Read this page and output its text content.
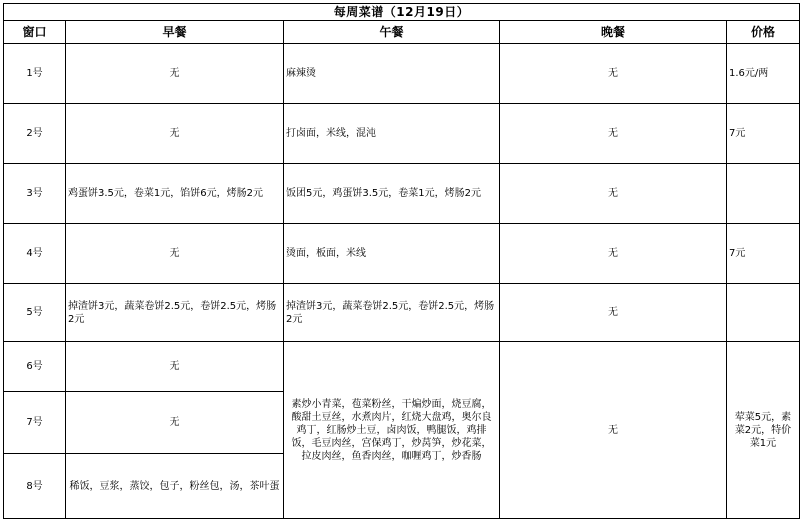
每周菜谱（12月19日）				
窗口	早餐	午餐	晚餐	价格
1号	无	麻辣烫	无	1.6元/两
2号	无	打卤面，米线，混沌	无	7元
3号	鸡蛋饼3.5元，卷菜1元，馅饼6元，烤肠2元	饭团5元，鸡蛋饼3.5元，卷菜1元，烤肠2元	无	
4号	无	烫面，板面，米线	无	7元
5号	掉渣饼3元，蔬菜卷饼2.5元，卷饼2.5元，烤肠2元	掉渣饼3元，蔬菜卷饼2.5元，卷饼2.5元，烤肠2元	无	
6号	无	素炒小青菜，苞菜粉丝，干煸炒面，烧豆腐，酸甜土豆丝，水煮肉片，红烧大盘鸡，奥尔良鸡丁，红肠炒土豆，卤肉饭，鸭腿饭，鸡排饭，毛豆肉丝，宫保鸡丁，炒莴笋，炒花菜，拉皮肉丝，鱼香肉丝，咖喱鸡丁，炒香肠	无	荤菜5元，素菜2元，特价菜1元
7号	无			
8号	稀饭，豆浆，蒸饺，包子，粉丝包，汤，茶叶蛋			
